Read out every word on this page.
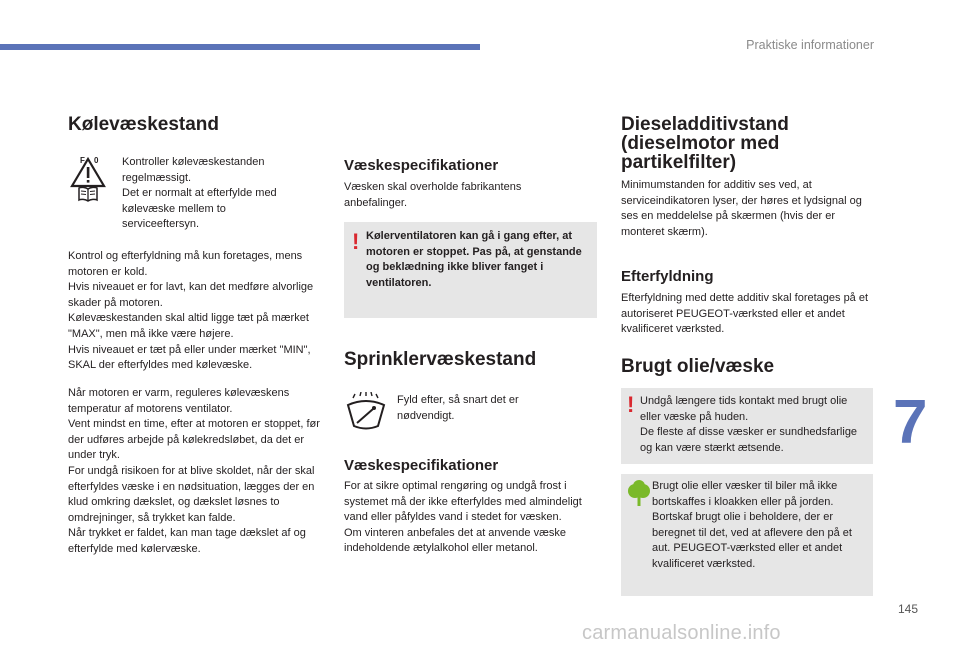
Praktiske informationer
Kølevæskestand
F 0 Kontroller kølevæskestanden regelmæssigt.
Det er normalt at efterfylde med kølevæske mellem to serviceeftersyn.

Kontrol og efterfyldning må kun foretages, mens motoren er kold.
Hvis niveauet er for lavt, kan det medføre alvorlige skader på motoren.
Kølevæskestanden skal altid ligge tæt på mærket "MAX", men må ikke være højere.
Hvis niveauet er tæt på eller under mærket "MIN", SKAL der efterfyldes med kølevæske.

Når motoren er varm, reguleres kølevæskens temperatur af motorens ventilator.
Vent mindst en time, efter at motoren er stoppet, før der udføres arbejde på kølekredsløbet, da det er under tryk.
For undgå risikoen for at blive skoldet, når der skal efterfyldes væske i en nødsituation, lægges der en klud omkring dækslet, og dækslet løsnes to omdrejninger, så trykket kan falde.
Når trykket er faldet, kan man tage dækslet af og efterfylde med kølervæske.

Væskespecifikationer

Væsken skal overholde fabrikantens anbefalinger.

! Kølerventilatoren kan gå i gang efter, at motoren er stoppet. Pas på, at genstande og beklædning ikke bliver fanget i ventilatoren.

Sprinklervæskestand

Fyld efter, så snart det er nødvendigt.

Væskespecifikationer

For at sikre optimal rengøring og undgå frost i systemet må der ikke efterfyldes med almindeligt vand eller påfyldes vand i stedet for væsken.
Om vinteren anbefales det at anvende væske indeholdende ætylalkohol eller metanol.

Dieseladditivstand (dieselmotor med partikelfilter)

Minimumstanden for additiv ses ved, at serviceindikatoren lyser, der høres et lydsignal og ses en meddelelse på skærmen (hvis der er monteret skærm).

Efterfyldning

Efterfyldning med dette additiv skal foretages på et autoriseret PEUGEOT-værksted eller et andet kvalificeret værksted.

Brugt olie/væske
! Undgå længere tids kontakt med brugt olie eller væske på huden.
De fleste af disse væsker er sundhedsfarlige og kan være stærkt ætsende.

Brugt olie eller væsker til biler må ikke bortskaffes i kloakken eller på jorden.
Bortskaf brugt olie i beholdere, der er beregnet til det, ved at aflevere den på et aut. PEUGEOT-værksted eller et andet kvalificeret værksted.

7
145
carmanualsonline.info
